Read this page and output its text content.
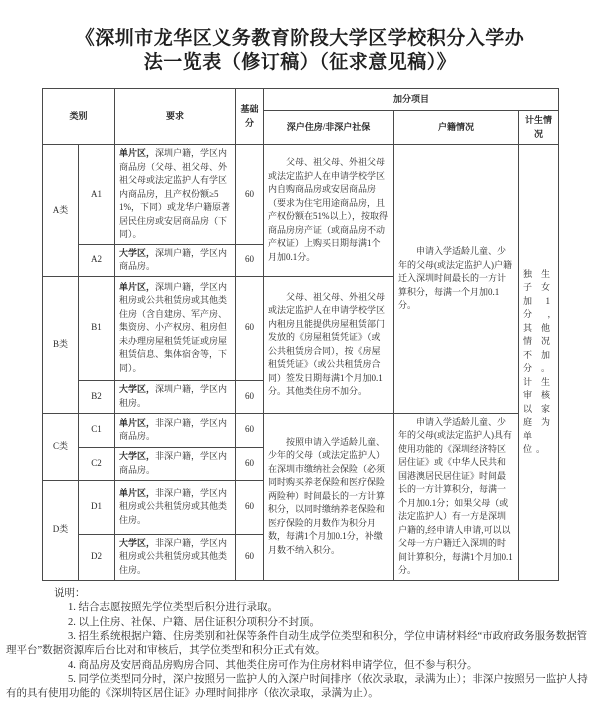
《深圳市龙华区义务教育阶段大学区学校积分入学办
法一览表（修订稿）（征求意见稿）》
类别		要求	基础分	加分项目		
				深户住房/非深户社保	户籍情况	计生情况
A类	A1	单片区，深圳户籍，学区内商品房（父母、祖父母、外祖父母或法定监护人有学区内商品房，且产权份额≥51%，下同）或龙华户籍原著居民住房或安居商品房（下同）。	60	父母、祖父母、外祖父母或法定监护人在申请学校学区内自购商品房或安居商品房（要求为住宅用途商品房，且产权份额在51%以上），按取得商品房房产证（或商品房不动产权证）上购买日期每满1个月加0.1分。	申请入学适龄儿童、少年的父母(或法定监护人)户籍迁入深圳时间最长的一方计算积分，每满一个月加0.1分。	独生子女加1分,其他情况不加分。计生审核以家庭为单位。
	A2	大学区，深圳户籍，学区内商品房。	60			
B类	B1	单片区，深圳户籍，学区内租房或公共租赁房或其他类住房（含自建房、军产房、集资房、小产权房、租房但未办理房屋租赁凭证或房屋租赁信息、集体宿舍等，下同）。	60	父母、祖父母、外祖父母或法定监护人在申请学校学区内租房且能提供房屋租赁部门发放的《房屋租赁凭证》（或公共租赁房合同），按《房屋租赁凭证》（或公共租赁房合同）签发日期每满1个月加0.1分。其他类住房不加分。		
	B2	大学区，深圳户籍，学区内租房。	60			
C类	C1	单片区，非深户籍，学区内商品房。	60	按照申请入学适龄儿童、少年的父母（或法定监护人）在深圳市缴纳社会保险（必须同时购买养老保险和医疗保险两险种）时间最长的一方计算积分，以同时缴纳养老保险和医疗保险的月数作为积分月数，每满1个月加0.1分，补缴月数不纳入积分。	申请入学适龄儿童、少年的父母(或法定监护人)具有使用功能的《深圳经济特区居住证》或《中华人民共和国港澳居民居住证》时间最长的一方计算积分，每满一个月加0.1分；如果父母（或法定监护人）有一方是深圳户籍的,经申请人申请,可以以父母一方户籍迁入深圳的时间计算积分，每满1个月加0.1分。	
	C2	大学区，非深户籍，学区内商品房。	60			
D类	D1	单片区，非深户籍，学区内租房或公共租赁房或其他类住房。	60			
	D2	大学区，非深户籍，学区内租房或公共租赁房或其他类住房。	60			

说明：

1. 结合志愿按照先学位类型后积分进行录取。

2. 以上住房、社保、户籍、居住证积分项积分不封顶。

3. 招生系统根据户籍、住房类别和社保等条件自动生成学位类型和积分，学位申请材料经“市政府政务服务数据管理平台”数据资源库后台比对和审核后，其学位类型和积分正式有效。

4. 商品房及安居商品房购房合同、其他类住房可作为住房材料申请学位，但不参与积分。

5. 同学位类型同分时，深户按照另一监护人的入深户时间排序（依次录取，录满为止）；非深户按照另一监护人持有的具有使用功能的《深圳特区居住证》办理时间排序（依次录取，录满为止）。
